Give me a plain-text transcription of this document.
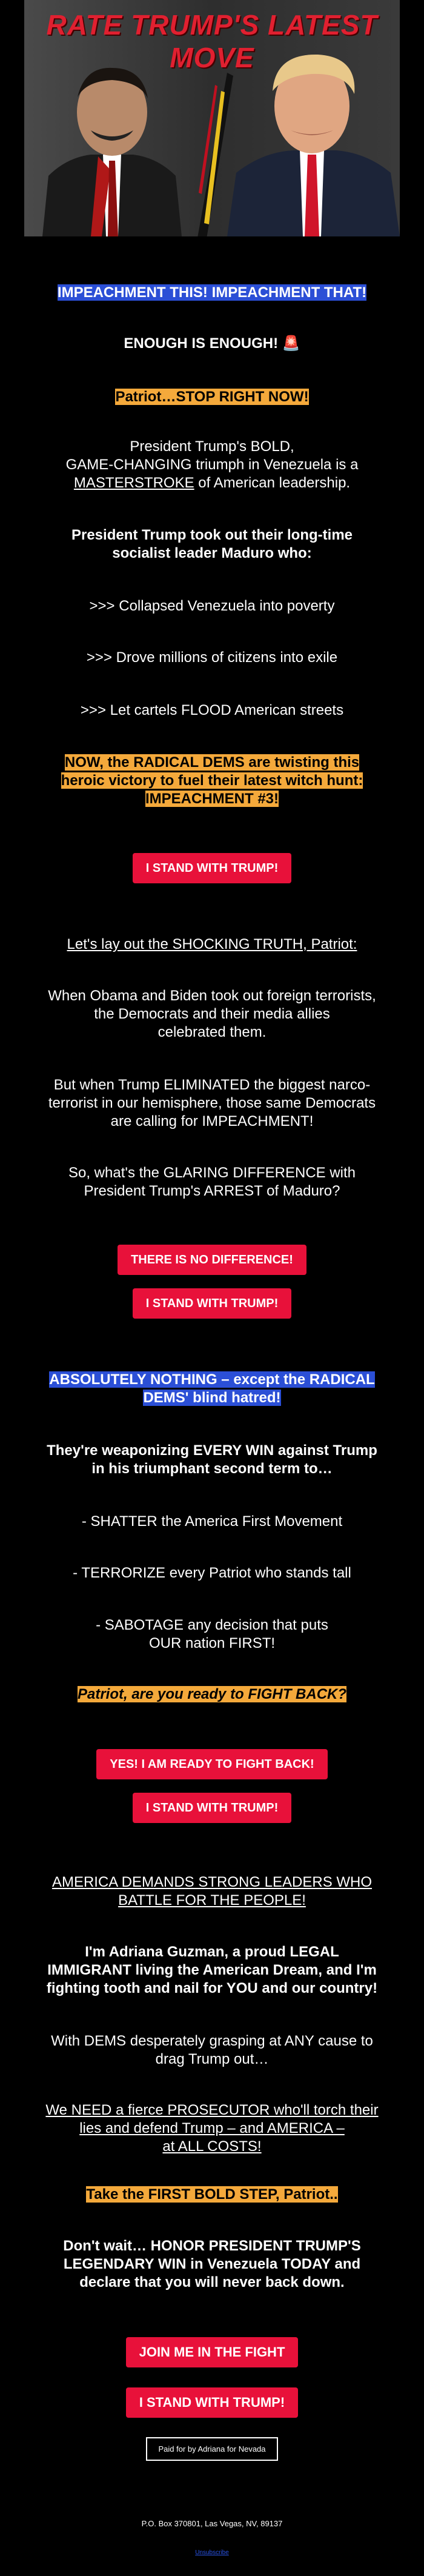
RATE TRUMP'S LATEST MOVE
IMPEACHMENT THIS! IMPEACHMENT THAT!
ENOUGH IS ENOUGH! 🚨
Patriot…STOP RIGHT NOW!
President Trump's BOLD,
GAME-CHANGING triumph in Venezuela is a
MASTERSTROKE of American leadership.
President Trump took out their long-time
socialist leader Maduro who:
>>> Collapsed Venezuela into poverty
>>> Drove millions of citizens into exile
>>> Let cartels FLOOD American streets
NOW, the RADICAL DEMS are twisting this
heroic victory to fuel their latest witch hunt:
IMPEACHMENT #3!
I STAND WITH TRUMP!
Let's lay out the SHOCKING TRUTH, Patriot:
When Obama and Biden took out foreign terrorists,
the Democrats and their media allies
celebrated them.
But when Trump ELIMINATED the biggest narco-
terrorist in our hemisphere, those same Democrats
are calling for IMPEACHMENT!
So, what's the GLARING DIFFERENCE with
President Trump's ARREST of Maduro?
THERE IS NO DIFFERENCE!
I STAND WITH TRUMP!
ABSOLUTELY NOTHING – except the RADICAL
DEMS' blind hatred!
They're weaponizing EVERY WIN against Trump
in his triumphant second term to…
- SHATTER the America First Movement
- TERRORIZE every Patriot who stands tall
- SABOTAGE any decision that puts
OUR nation FIRST!
Patriot, are you ready to FIGHT BACK?
YES! I AM READY TO FIGHT BACK!
I STAND WITH TRUMP!
AMERICA DEMANDS STRONG LEADERS WHO
BATTLE FOR THE PEOPLE!
I'm Adriana Guzman, a proud LEGAL
IMMIGRANT living the American Dream, and I'm
fighting tooth and nail for YOU and our country!
With DEMS desperately grasping at ANY cause to
drag Trump out…
We NEED a fierce PROSECUTOR who'll torch their
lies and defend Trump – and AMERICA –
at ALL COSTS!
Take the FIRST BOLD STEP, Patriot..
Don't wait… HONOR PRESIDENT TRUMP'S
LEGENDARY WIN in Venezuela TODAY and
declare that you will never back down.
JOIN ME IN THE FIGHT
I STAND WITH TRUMP!
Paid for by Adriana for Nevada
P.O. Box 370801, Las Vegas, NV, 89137
Unsubscribe
